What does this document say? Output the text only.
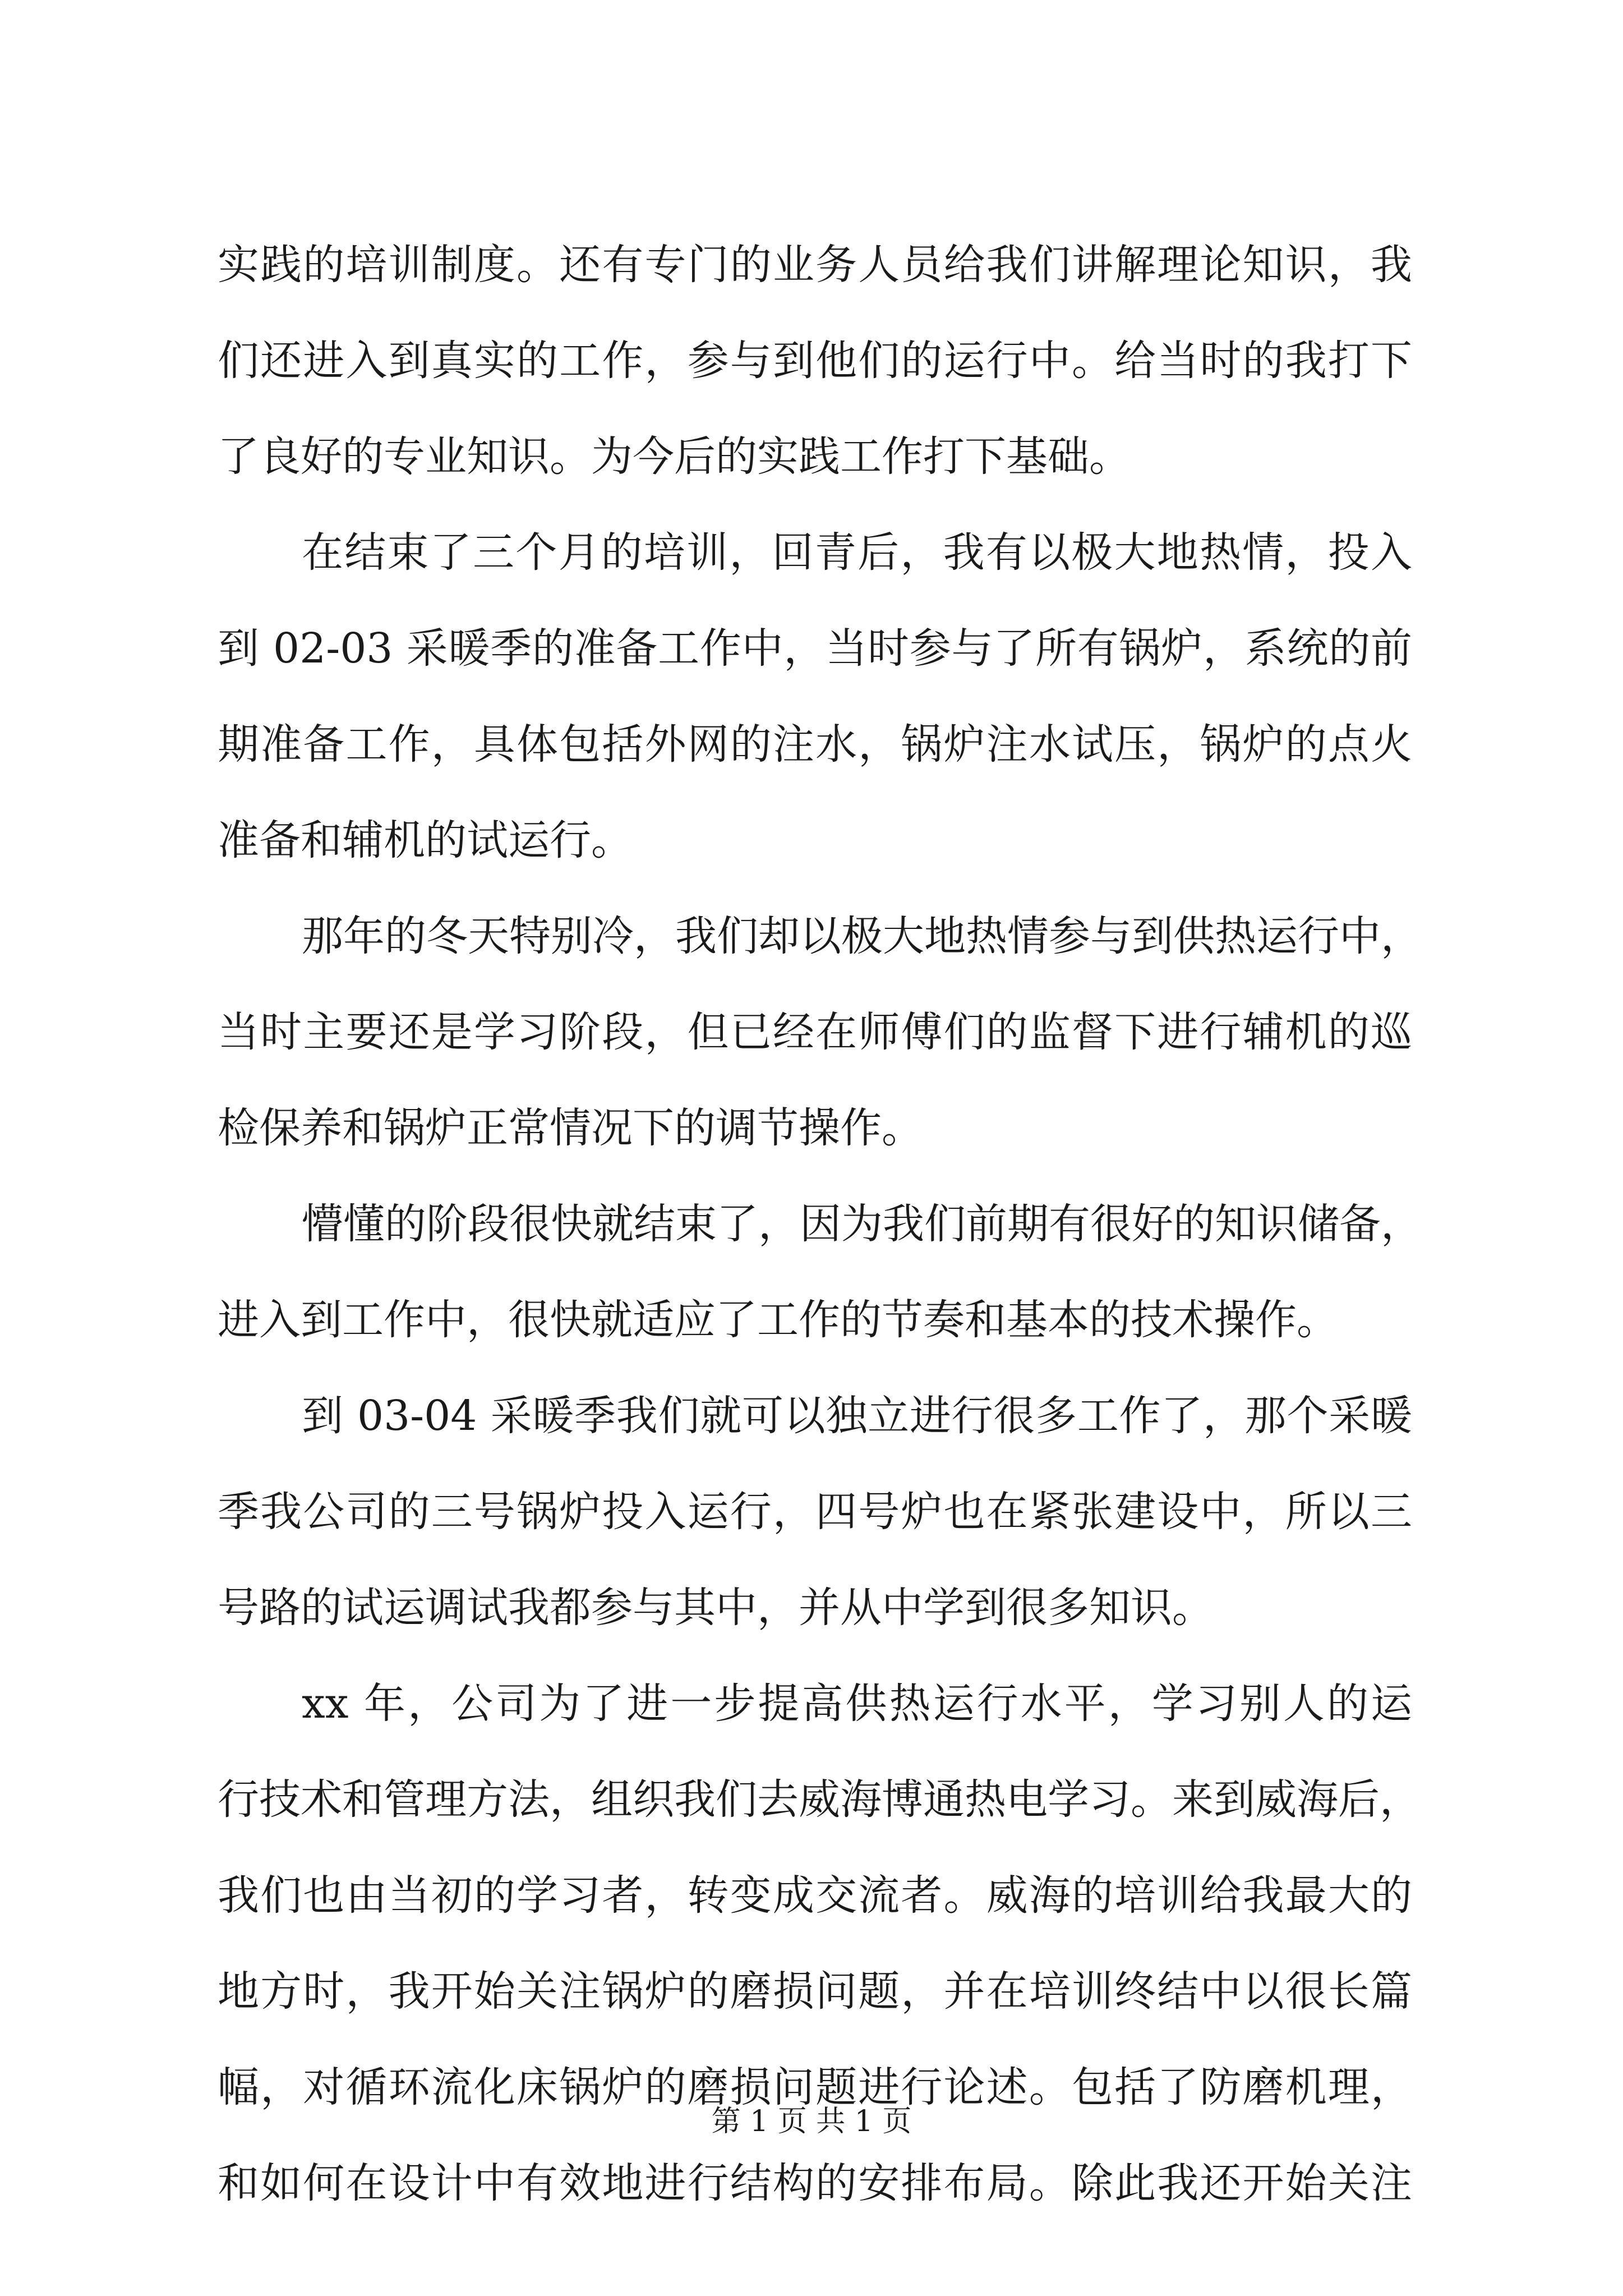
实践的培训制度。还有专门的业务人员给我们讲解理论知识，我
们还进入到真实的工作，参与到他们的运行中。给当时的我打下
了良好的专业知识。为今后的实践工作打下基础。
在结束了三个月的培训，回青后，我有以极大地热情，投入
到 02-03 采暖季的准备工作中，当时参与了所有锅炉，系统的前
期准备工作，具体包括外网的注水，锅炉注水试压，锅炉的点火
准备和辅机的试运行。
那年的冬天特别冷，我们却以极大地热情参与到供热运行中，
当时主要还是学习阶段，但已经在师傅们的监督下进行辅机的巡
检保养和锅炉正常情况下的调节操作。
懵懂的阶段很快就结束了，因为我们前期有很好的知识储备，
进入到工作中，很快就适应了工作的节奏和基本的技术操作。
到 03-04 采暖季我们就可以独立进行很多工作了，那个采暖
季我公司的三号锅炉投入运行，四号炉也在紧张建设中，所以三
号路的试运调试我都参与其中，并从中学到很多知识。
xx 年，公司为了进一步提高供热运行水平，学习别人的运
行技术和管理方法，组织我们去威海博通热电学习。来到威海后，
我们也由当初的学习者，转变成交流者。威海的培训给我最大的
地方时，我开始关注锅炉的磨损问题，并在培训终结中以很长篇
幅，对循环流化床锅炉的磨损问题进行论述。包括了防磨机理，
和如何在设计中有效地进行结构的安排布局。除此我还开始关注
第 1 页 共 1 页
